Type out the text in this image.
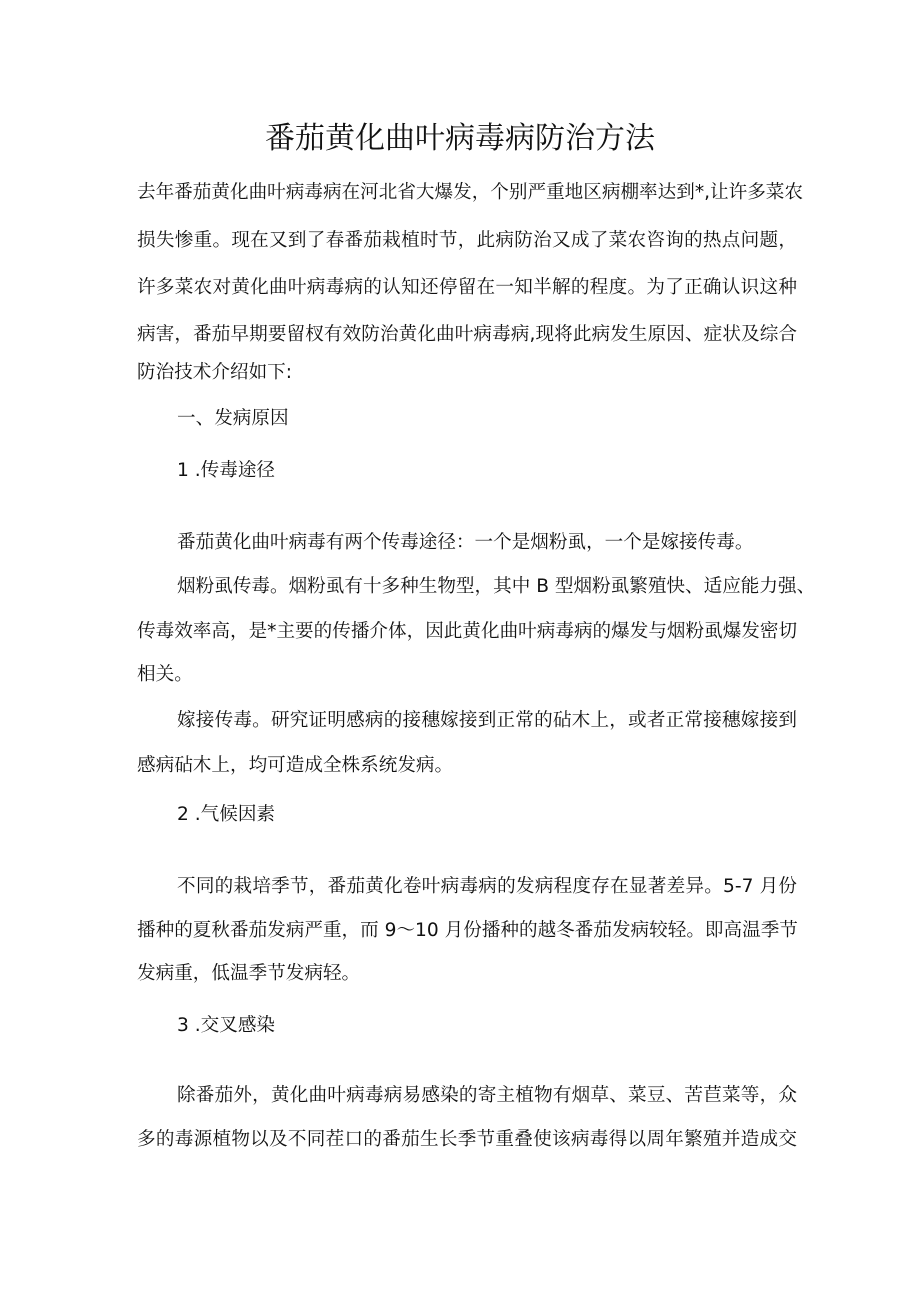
番茄黄化曲叶病毒病防治方法
去年番茄黄化曲叶病毒病在河北省大爆发，个别严重地区病棚率达到*,让许多菜农
损失惨重。现在又到了春番茄栽植时节，此病防治又成了菜农咨询的热点问题，
许多菜农对黄化曲叶病毒病的认知还停留在一知半解的程度。为了正确认识这种
病害，番茄早期要留杈有效防治黄化曲叶病毒病,现将此病发生原因、症状及综合
防治技术介绍如下:
一、发病原因
1 .传毒途径
番茄黄化曲叶病毒有两个传毒途径：一个是烟粉虱，一个是嫁接传毒。
烟粉虱传毒。烟粉虱有十多种生物型，其中 B 型烟粉虱繁殖快、适应能力强、
传毒效率高，是*主要的传播介体，因此黄化曲叶病毒病的爆发与烟粉虱爆发密切
相关。
嫁接传毒。研究证明感病的接穗嫁接到正常的砧木上，或者正常接穗嫁接到
感病砧木上，均可造成全株系统发病。
2 .气候因素
不同的栽培季节，番茄黄化卷叶病毒病的发病程度存在显著差异。5-7 月份
播种的夏秋番茄发病严重，而 9～10 月份播种的越冬番茄发病较轻。即高温季节
发病重，低温季节发病轻。
3 .交叉感染
除番茄外，黄化曲叶病毒病易感染的寄主植物有烟草、菜豆、苦苣菜等，众
多的毒源植物以及不同茬口的番茄生长季节重叠使该病毒得以周年繁殖并造成交
